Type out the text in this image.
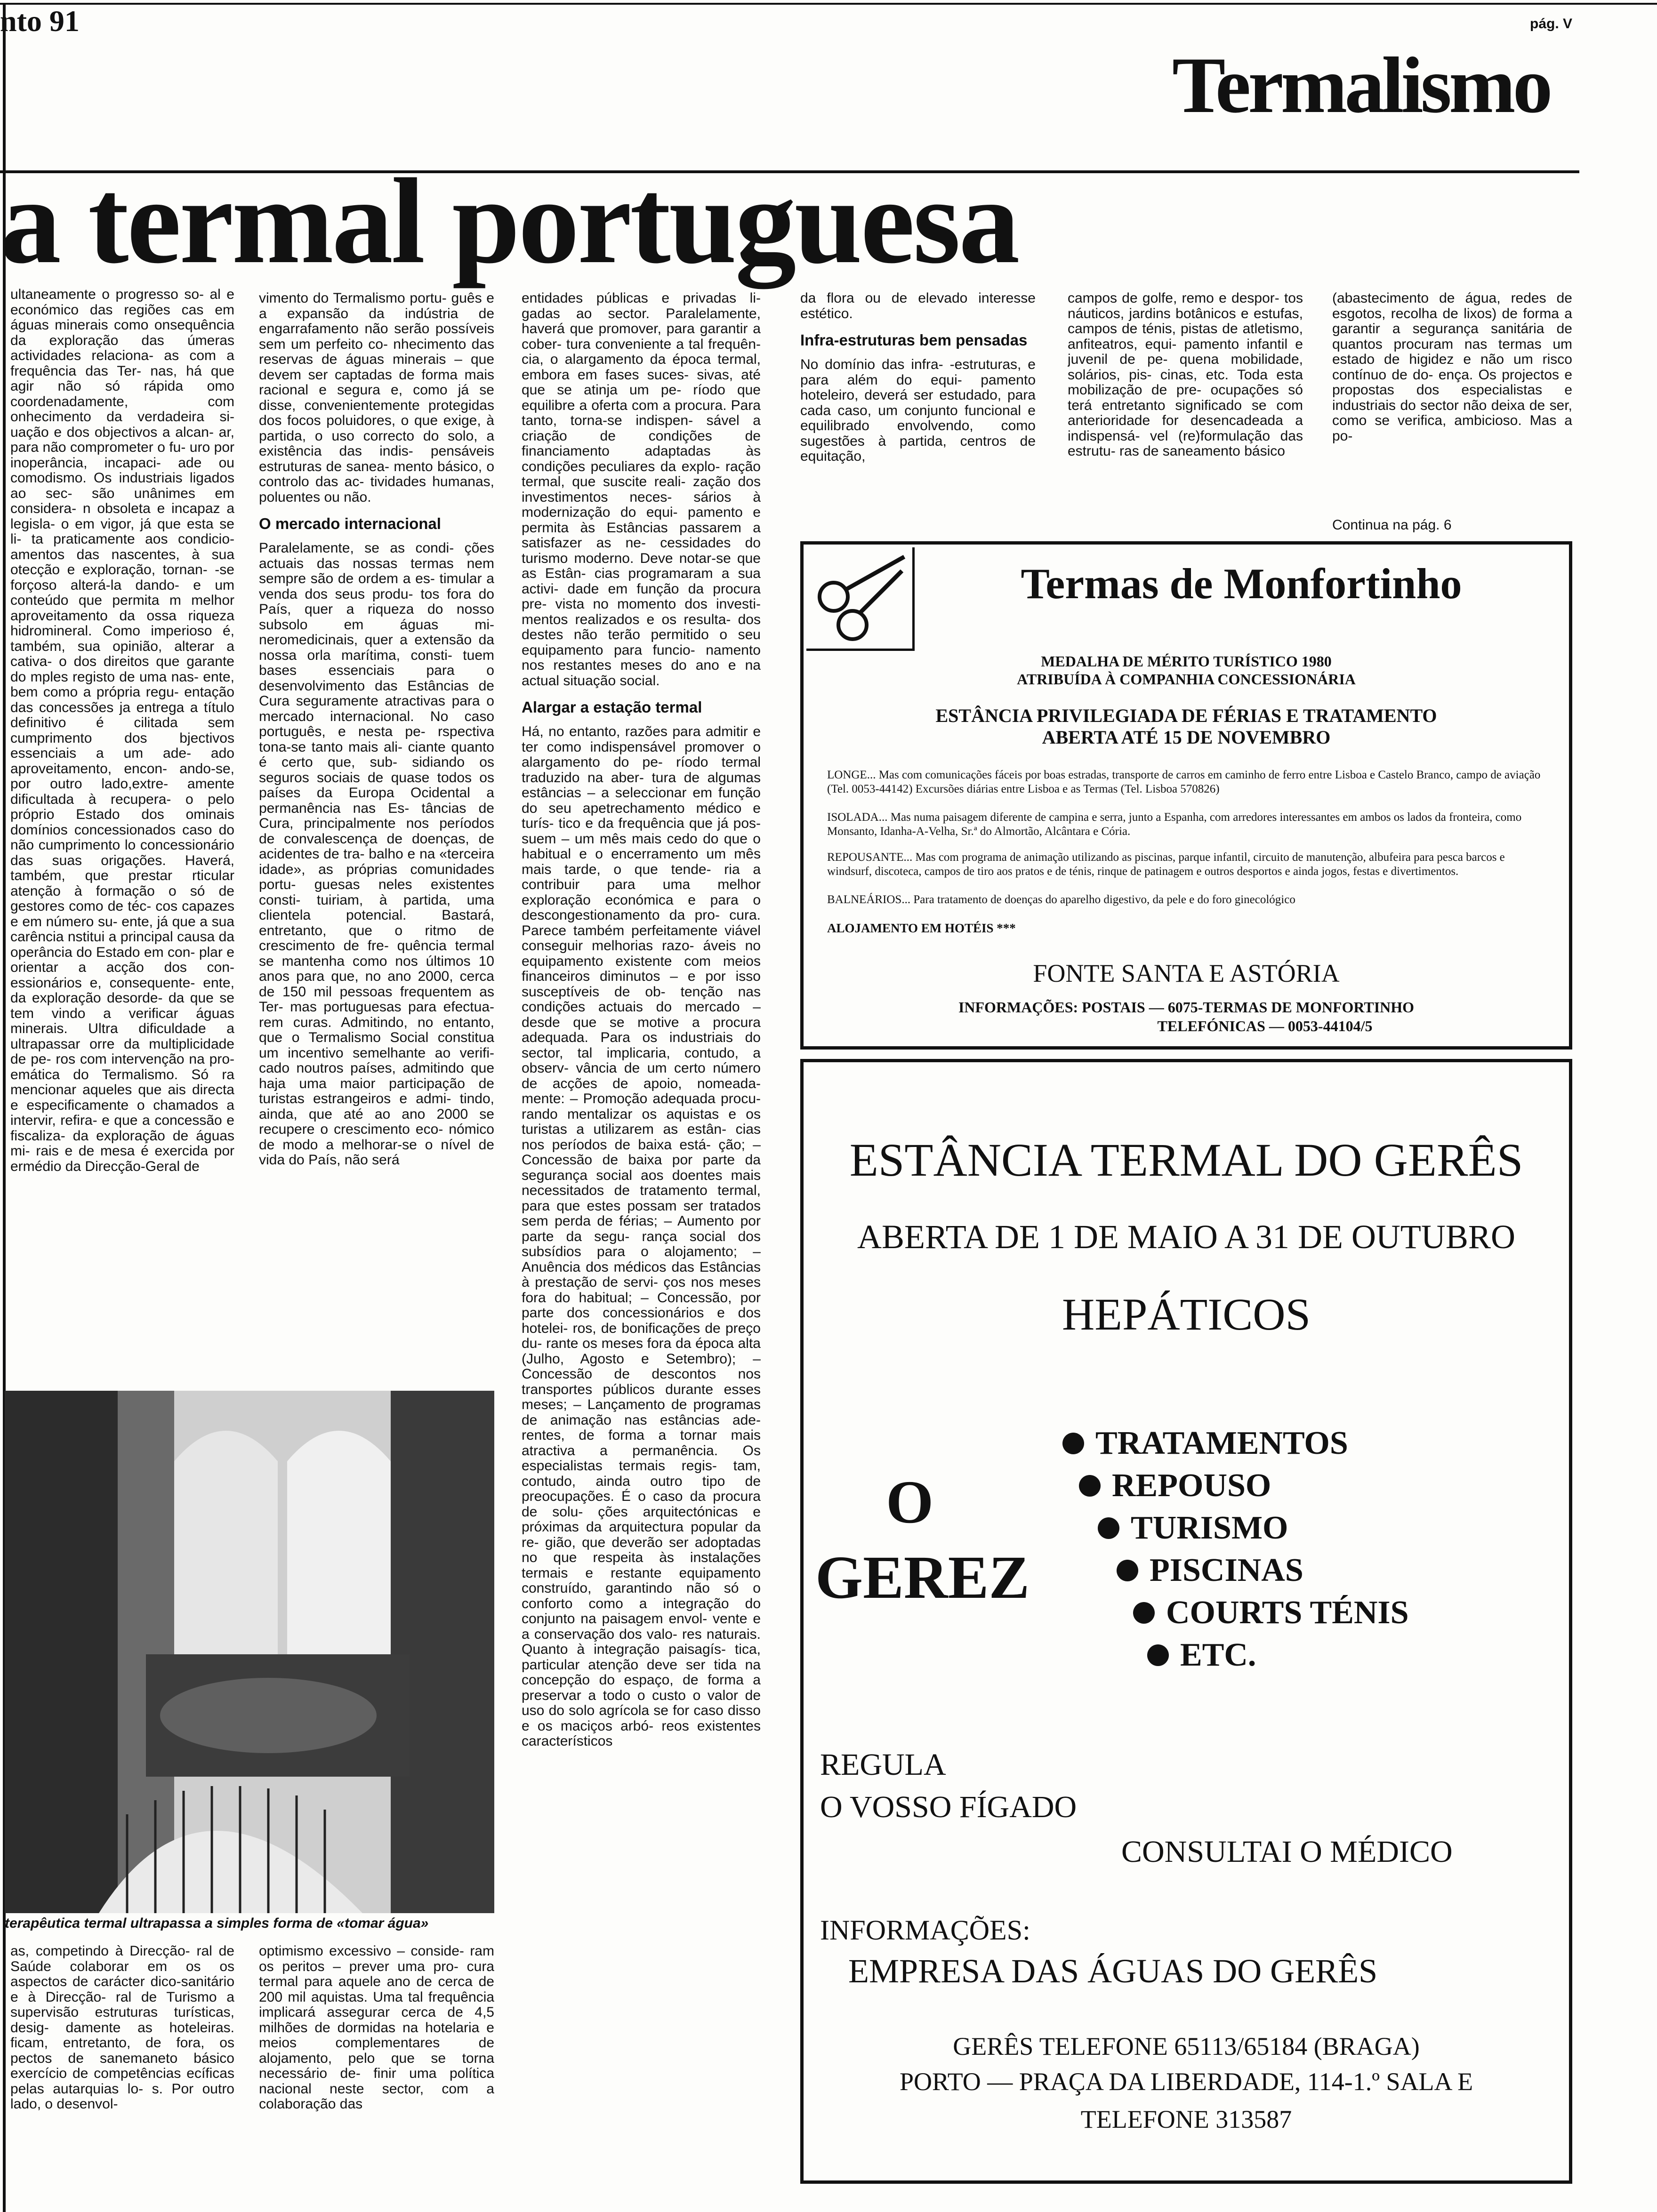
nto 91	pág. V
Termalismo
a termal portuguesa

ultaneamente o progresso so- al e económico das regiões cas em águas minerais como onsequência da exploração das úmeras actividades relaciona- as com a frequência das Ter- nas, há que agir não só rápida omo coordenadamente, com onhecimento da verdadeira si- uação e dos objectivos a alcan- ar, para não comprometer o fu- uro por inoperância, incapaci- ade ou comodismo. Os industriais ligados ao sec- são unânimes em considera- n obsoleta e incapaz a legisla- o em vigor, já que esta se li- ta praticamente aos condicio- amentos das nascentes, à sua otecção e exploração, tornan- -se forçoso alterá-la dando- e um conteúdo que permita m melhor aproveitamento da ossa riqueza hidromineral. Como imperioso é, também, sua opinião, alterar a cativa- o dos direitos que garante do mples registo de uma nas- ente, bem como a própria regu- entação das concessões ja entrega a título definitivo é cilitada sem cumprimento dos bjectivos essenciais a um ade- ado aproveitamento, encon- ando-se, por outro lado,extre- amente dificultada à recupera- o pelo próprio Estado dos ominais domínios concessionados caso do não cumprimento lo concessionário das suas origações. Haverá, também, que prestar rticular atenção à formação o só de gestores como de téc- cos capazes e em número su- ente, já que a sua carência nstitui a principal causa da operância do Estado em con- plar e orientar a acção dos con- essionários e, consequente- ente, da exploração desorde- da que se tem vindo a verificar águas minerais. Ultra dificuldade a ultrapassar orre da multiplicidade de pe- ros com intervenção na pro- emática do Termalismo. Só ra mencionar aqueles que ais directa e especificamente o chamados a intervir, refira- e que a concessão e fiscaliza- da exploração de águas mi- rais e de mesa é exercida por ermédio da Direcção-Geral de

vimento do Termalismo portu- guês e a expansão da indústria de engarrafamento não serão possíveis sem um perfeito co- nhecimento das reservas de águas minerais – que devem ser captadas de forma mais racional e segura e, como já se disse, convenientemente protegidas dos focos poluidores, o que exige, à partida, o uso correcto do solo, a existência das indis- pensáveis estruturas de sanea- mento básico, o controlo das ac- tividades humanas, poluentes ou não.

O mercado internacional

Paralelamente, se as condi- ções actuais das nossas termas nem sempre são de ordem a es- timular a venda dos seus produ- tos fora do País, quer a riqueza do nosso subsolo em águas mi- neromedicinais, quer a extensão da nossa orla marítima, consti- tuem bases essenciais para o desenvolvimento das Estâncias de Cura seguramente atractivas para o mercado internacional. No caso português, e nesta pe- rspectiva tona-se tanto mais ali- ciante quanto é certo que, sub- sidiando os seguros sociais de quase todos os países da Europa Ocidental a permanência nas Es- tâncias de Cura, principalmente nos períodos de convalescença de doenças, de acidentes de tra- balho e na «terceira idade», as próprias comunidades portu- guesas neles existentes consti- tuiriam, à partida, uma clientela potencial. Bastará, entretanto, que o ritmo de crescimento de fre- quência termal se mantenha como nos últimos 10 anos para que, no ano 2000, cerca de 150 mil pessoas frequentem as Ter- mas portuguesas para efectua- rem curas. Admitindo, no entanto, que o Termalismo Social constitua um incentivo semelhante ao verifi- cado noutros países, admitindo que haja uma maior participação de turistas estrangeiros e admi- tindo, ainda, que até ao ano 2000 se recupere o crescimento eco- nómico de modo a melhorar-se o nível de vida do País, não será

terapêutica termal ultrapassa a simples forma de «tomar água»

as, competindo à Direcção- ral de Saúde colaborar em os os aspectos de carácter dico-sanitário e à Direcção- ral de Turismo a supervisão estruturas turísticas, desig- damente as hoteleiras. ficam, entretanto, de fora, os pectos de sanemaneto básico exercício de competências ecíficas pelas autarquias lo- s. Por outro lado, o desenvol-

optimismo excessivo – conside- ram os peritos – prever uma pro- cura termal para aquele ano de cerca de 200 mil aquistas. Uma tal frequência implicará assegurar cerca de 4,5 milhões de dormidas na hotelaria e meios complementares de alojamento, pelo que se torna necessário de- finir uma política nacional neste sector, com a colaboração das

entidades públicas e privadas li- gadas ao sector. Paralelamente, haverá que promover, para garantir a cober- tura conveniente a tal frequên- cia, o alargamento da época termal, embora em fases suces- sivas, até que se atinja um pe- ríodo que equilibre a oferta com a procura. Para tanto, torna-se indispen- sável a criação de condições de financiamento adaptadas às condições peculiares da explo- ração termal, que suscite reali- zação dos investimentos neces- sários à modernização do equi- pamento e permita às Estâncias passarem a satisfazer as ne- cessidades do turismo moderno. Deve notar-se que as Estân- cias programaram a sua activi- dade em função da procura pre- vista no momento dos investi- mentos realizados e os resulta- dos destes não terão permitido o seu equipamento para funcio- namento nos restantes meses do ano e na actual situação social.

Alargar a estação termal

Há, no entanto, razões para admitir e ter como indispensável promover o alargamento do pe- ríodo termal traduzido na aber- tura de algumas estâncias – a seleccionar em função do seu apetrechamento médico e turís- tico e da frequência que já pos- suem – um mês mais cedo do que o habitual e o encerramento um mês mais tarde, o que tende- ria a contribuir para uma melhor exploração económica e para o descongestionamento da pro- cura. Parece também perfeitamente viável conseguir melhorias razo- áveis no equipamento existente com meios financeiros diminutos – e por isso susceptíveis de ob- tenção nas condições actuais do mercado – desde que se motive a procura adequada. Para os industriais do sector, tal implicaria, contudo, a observ- vância de um certo número de acções de apoio, nomeada- mente: – Promoção adequada procu- rando mentalizar os aquistas e os turistas a utilizarem as estân- cias nos períodos de baixa está- ção; – Concessão de baixa por parte da segurança social aos doentes mais necessitados de tratamento termal, para que estes possam ser tratados sem perda de férias; – Aumento por parte da segu- rança social dos subsídios para o alojamento; – Anuência dos médicos das Estâncias à prestação de servi- ços nos meses fora do habitual; – Concessão, por parte dos concessionários e dos hotelei- ros, de bonificações de preço du- rante os meses fora da época alta (Julho, Agosto e Setembro); – Concessão de descontos nos transportes públicos durante esses meses; – Lançamento de programas de animação nas estâncias ade- rentes, de forma a tornar mais atractiva a permanência. Os especialistas termais regis- tam, contudo, ainda outro tipo de preocupações. É o caso da procura de solu- ções arquitectónicas e próximas da arquitectura popular da re- gião, que deverão ser adoptadas no que respeita às instalações termais e restante equipamento construído, garantindo não só o conforto como a integração do conjunto na paisagem envol- vente e a conservação dos valo- res naturais. Quanto à integração paisagís- tica, particular atenção deve ser tida na concepção do espaço, de forma a preservar a todo o custo o valor de uso do solo agrícola se for caso disso e os maciços arbó- reos existentes característicos

da flora ou de elevado interesse estético.

Infra-estruturas bem pensadas

No domínio das infra- -estruturas, e para além do equi- pamento hoteleiro, deverá ser estudado, para cada caso, um conjunto funcional e equilibrado envolvendo, como sugestões à partida, centros de equitação,

campos de golfe, remo e despor- tos náuticos, jardins botânicos e estufas, campos de ténis, pistas de atletismo, anfiteatros, equi- pamento infantil e juvenil de pe- quena mobilidade, solários, pis- cinas, etc. Toda esta mobilização de pre- ocupações só terá entretanto significado se com anterioridade for desencadeada a indispensá- vel (re)formulação das estrutu- ras de saneamento básico

(abastecimento de água, redes de esgotos, recolha de lixos) de forma a garantir a segurança sanitária de quantos procuram nas termas um estado de higidez e não um risco contínuo de do- ença. Os projectos e propostas dos especialistas e industriais do sector não deixa de ser, como se verifica, ambicioso. Mas a po-

Continua na pág. 6
Termas de Monfortinho
MEDALHA DE MÉRITO TURÍSTICO 1980
ATRIBUÍDA À COMPANHIA CONCESSIONÁRIA
ESTÂNCIA PRIVILEGIADA DE FÉRIAS E TRATAMENTO
ABERTA ATÉ 15 DE NOVEMBRO
LONGE... Mas com comunicações fáceis por boas estradas, transporte de carros em caminho de ferro entre Lisboa e Castelo Branco, campo de aviação (Tel. 0053-44142) Excursões diárias entre Lisboa e as Termas (Tel. Lisboa 570826)
ISOLADA... Mas numa paisagem diferente de campina e serra, junto a Espanha, com arredores interessantes em ambos os lados da fronteira, como Monsanto, Idanha-A-Velha, Sr.ª do Almortão, Alcântara e Cória.
REPOUSANTE... Mas com programa de animação utilizando as piscinas, parque infantil, circuito de manutenção, albufeira para pesca barcos e windsurf, discoteca, campos de tiro aos pratos e de ténis, rinque de patinagem e outros desportos e ainda jogos, festas e divertimentos.
BALNEÁRIOS... Para tratamento de doenças do aparelho digestivo, da pele e do foro ginecológico
ALOJAMENTO EM HOTÉIS ***
FONTE SANTA E ASTÓRIA
INFORMAÇÕES: POSTAIS — 6075-TERMAS DE MONFORTINHO
TELEFÓNICAS — 0053-44104/5
ESTÂNCIA TERMAL DO GERÊS
ABERTA DE 1 DE MAIO A 31 DE OUTUBRO
HEPÁTICOS
O
GEREZ
TRATAMENTOS
REPOUSO
TURISMO
PISCINAS
COURTS TÉNIS
ETC.
REGULA
O VOSSO FÍGADO
CONSULTAI O MÉDICO
INFORMAÇÕES:
EMPRESA DAS ÁGUAS DO GERÊS
GERÊS TELEFONE 65113/65184 (BRAGA)
PORTO — PRAÇA DA LIBERDADE, 114-1.º SALA E
TELEFONE 313587
